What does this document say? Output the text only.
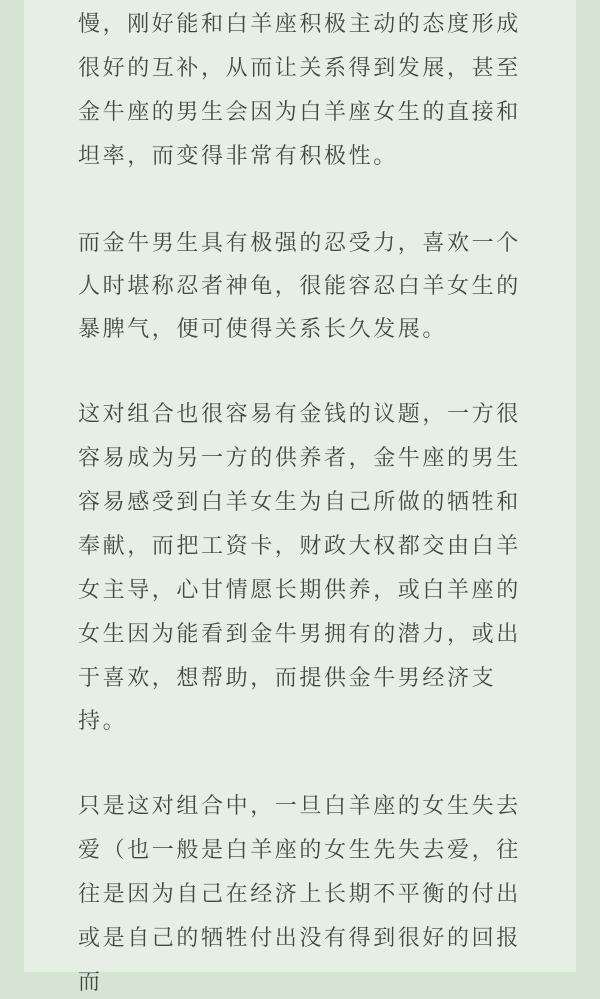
慢，刚好能和白羊座积极主动的态度形成
很好的互补，从而让关系得到发展，甚至
金牛座的男生会因为白羊座女生的直接和
坦率，而变得非常有积极性。
而金牛男生具有极强的忍受力，喜欢一个
人时堪称忍者神龟，很能容忍白羊女生的
暴脾气，便可使得关系长久发展。
这对组合也很容易有金钱的议题，一方很
容易成为另一方的供养者，金牛座的男生
容易感受到白羊女生为自己所做的牺牲和
奉献，而把工资卡，财政大权都交由白羊
女主导，心甘情愿长期供养，或白羊座的
女生因为能看到金牛男拥有的潜力，或出
于喜欢，想帮助，而提供金牛男经济支
持。
只是这对组合中，一旦白羊座的女生失去
爱（也一般是白羊座的女生先失去爱，往
往是因为自己在经济上长期不平衡的付出
或是自己的牺牲付出没有得到很好的回报
而
